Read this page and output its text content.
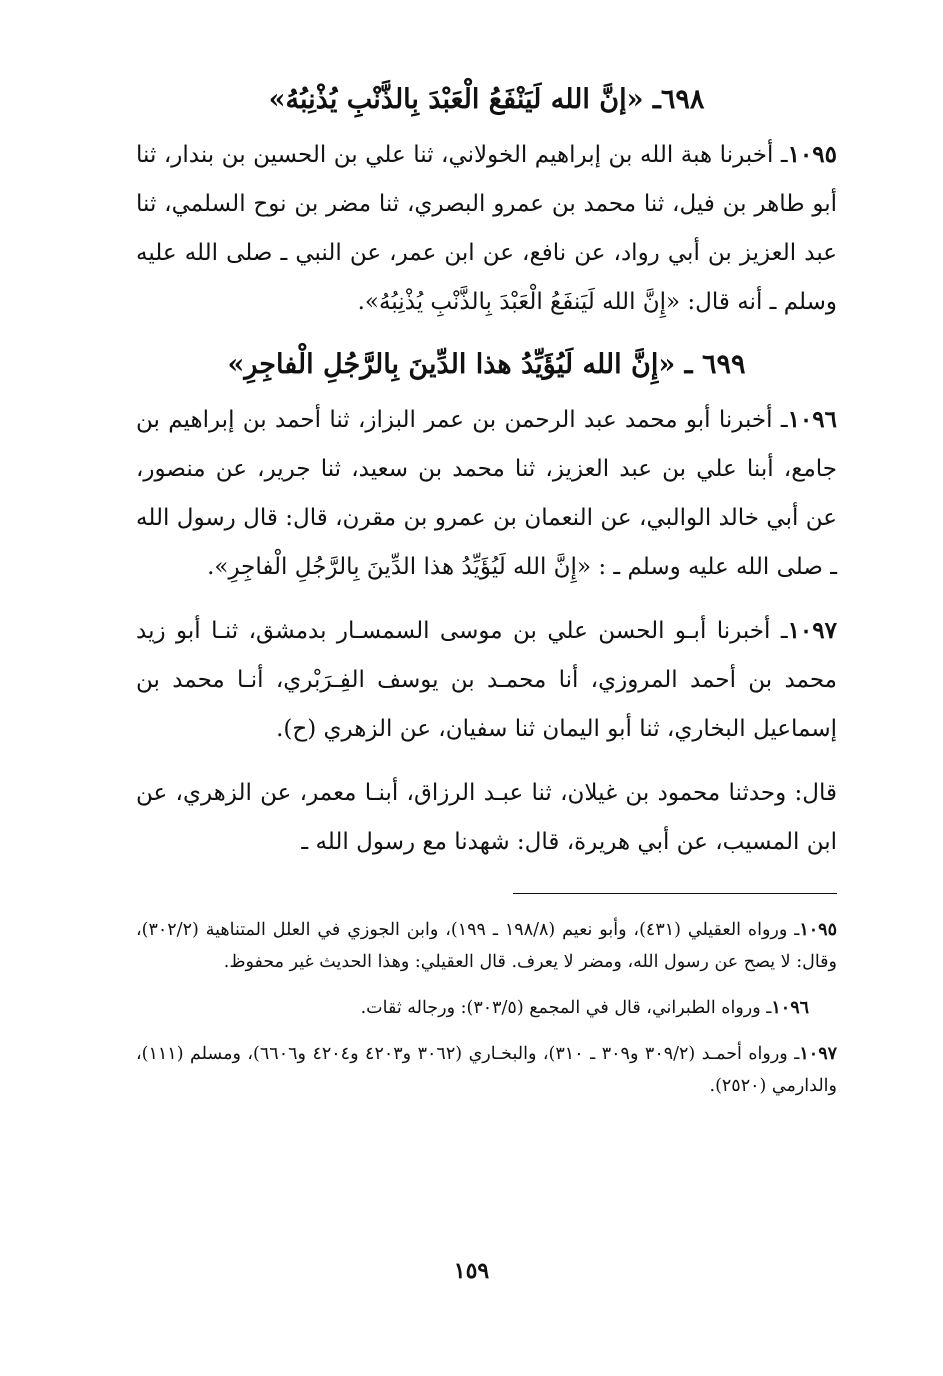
٦٩٨ـ «إنَّ الله لَيَنْفَعُ الْعَبْدَ بِالذَّنْبِ يُذْنِبُهُ»

١٠٩٥ـ أخبرنا هبة الله بن إبراهيم الخولاني، ثنا علي بن الحسين بن بندار، ثنا أبو طاهر بن فيل، ثنا محمد بن عمرو البصري، ثنا مضر بن نوح السلمي، ثنا عبد العزيز بن أبي رواد، عن نافع، عن ابن عمر، عن النبي ـ صلى الله عليه وسلم ـ أنه قال: «إِنَّ الله لَيَنفَعُ الْعَبْدَ بِالذَّنْبِ يُذْنِبُهُ».

٦٩٩ ـ «إِنَّ الله لَيُؤَيِّدُ هذا الدِّينَ بِالرَّجُلِ الْفاجِرِ»

١٠٩٦ـ أخبرنا أبو محمد عبد الرحمن بن عمر البزاز، ثنا أحمد بن إبراهيم بن جامع، أبنا علي بن عبد العزيز، ثنا محمد بن سعيد، ثنا جرير، عن منصور، عن أبي خالد الوالبي، عن النعمان بن عمرو بن مقرن، قال: قال رسول الله ـ صلى الله عليه وسلم ـ : «إِنَّ الله لَيُؤَيِّدُ هذا الدِّينَ بِالرَّجُلِ الْفاجِرِ».

١٠٩٧ـ أخبرنا أبـو الحسن علي بن موسى السمسـار بدمشق، ثنـا أبو زيد محمد بن أحمد المروزي، أنا محمـد بن يوسف الفِـرَبْري، أنـا محمد بن إسماعيل البخاري، ثنا أبو اليمان ثنا سفيان، عن الزهري (ح).

قال: وحدثنا محمود بن غيلان، ثنا عبـد الرزاق، أبنـا معمر، عن الزهري، عن ابن المسيب، عن أبي هريرة، قال: شهدنا مع رسول الله ـ

١٠٩٥ـ ورواه العقيلي (٤٣١)، وأبو نعيم (١٩٨/٨ ـ ١٩٩)، وابن الجوزي في العلل المتناهية (٣٠٢/٢)، وقال: لا يصح عن رسول الله، ومضر لا يعرف. قال العقيلي: وهذا الحديث غير محفوظ.

١٠٩٦ـ ورواه الطبراني، قال في المجمع (٣٠٣/٥): ورجاله ثقات.

١٠٩٧ـ ورواه أحمـد (٣٠٩/٢ و٣٠٩ ـ ٣١٠)، والبخـاري (٣٠٦٢ و٤٢٠٣ و٤٢٠٤ و٦٦٠٦)، ومسلم (١١١)، والدارمي (٢٥٢٠).

١٥٩
